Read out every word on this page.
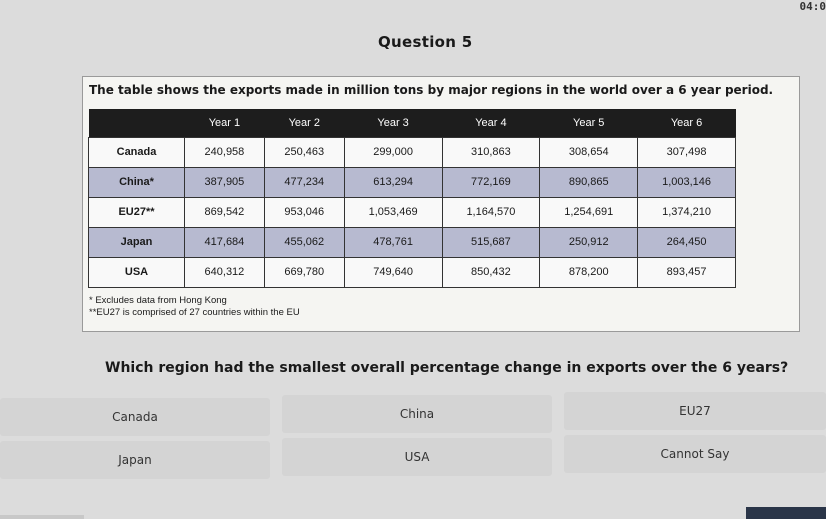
04:0
Question 5
The table shows the exports made in million tons by major regions in the world over a 6 year period.
	Year 1	Year 2	Year 3	Year 4	Year 5	Year 6
Canada	240,958	250,463	299,000	310,863	308,654	307,498
China*	387,905	477,234	613,294	772,169	890,865	1,003,146
EU27**	869,542	953,046	1,053,469	1,164,570	1,254,691	1,374,210
Japan	417,684	455,062	478,761	515,687	250,912	264,450
USA	640,312	669,780	749,640	850,432	878,200	893,457
* Excludes data from Hong Kong
**EU27 is comprised of 27 countries within the EU
Which region had the smallest overall percentage change in exports over the 6 years?
Canada	China	EU27
Japan	USA	Cannot Say
